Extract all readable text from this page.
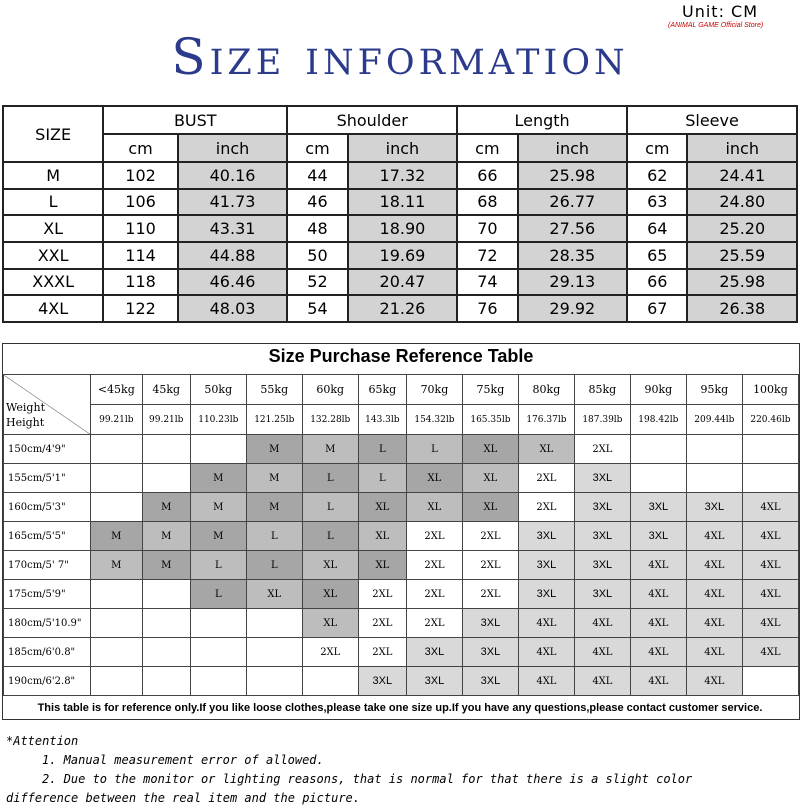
Unit: CM
(ANIMAL GAME Official Store)
Size information
SIZE	BUST		Shoulder		Length		Sleeve	
	cm	inch	cm	inch	cm	inch	cm	inch
M	102	40.16	44	17.32	66	25.98	62	24.41
L	106	41.73	46	18.11	68	26.77	63	24.80
XL	110	43.31	48	18.90	70	27.56	64	25.20
XXL	114	44.88	50	19.69	72	28.35	65	25.59
XXXL	118	46.46	52	20.47	74	29.13	66	25.98
4XL	122	48.03	54	21.26	76	29.92	67	26.38
Size Purchase Reference Table
Weight
Height	<45kg	45kg	50kg	55kg	60kg	65kg	70kg	75kg	80kg	85kg	90kg	95kg	100kg
	99.21lb	99.21lb	110.23lb	121.25lb	132.28lb	143.3lb	154.32lb	165.35lb	176.37lb	187.39lb	198.42lb	209.44lb	220.46lb
150cm/4'9"				M	M	L	L	XL	XL	2XL			
155cm/5'1"			M	M	L	L	XL	XL	2XL	3XL			
160cm/5'3"		M	M	M	L	XL	XL	XL	2XL	3XL	3XL	3XL	4XL
165cm/5'5"	M	M	M	L	L	XL	2XL	2XL	3XL	3XL	3XL	4XL	4XL
170cm/5' 7"	M	M	L	L	XL	XL	2XL	2XL	3XL	3XL	4XL	4XL	4XL
175cm/5'9"			L	XL	XL	2XL	2XL	2XL	3XL	3XL	4XL	4XL	4XL
180cm/5'10.9"					XL	2XL	2XL	3XL	4XL	4XL	4XL	4XL	4XL
185cm/6'0.8"					2XL	2XL	3XL	3XL	4XL	4XL	4XL	4XL	4XL
190cm/6'2.8"						3XL	3XL	3XL	4XL	4XL	4XL	4XL	
This table is for reference only.If you like loose clothes,please take one size up.If you have any questions,please contact customer service.
*Attention
1. Manual measurement error of allowed.
2. Due to the monitor or lighting reasons, that is normal for that there is a slight color
difference between the real item and the picture.
